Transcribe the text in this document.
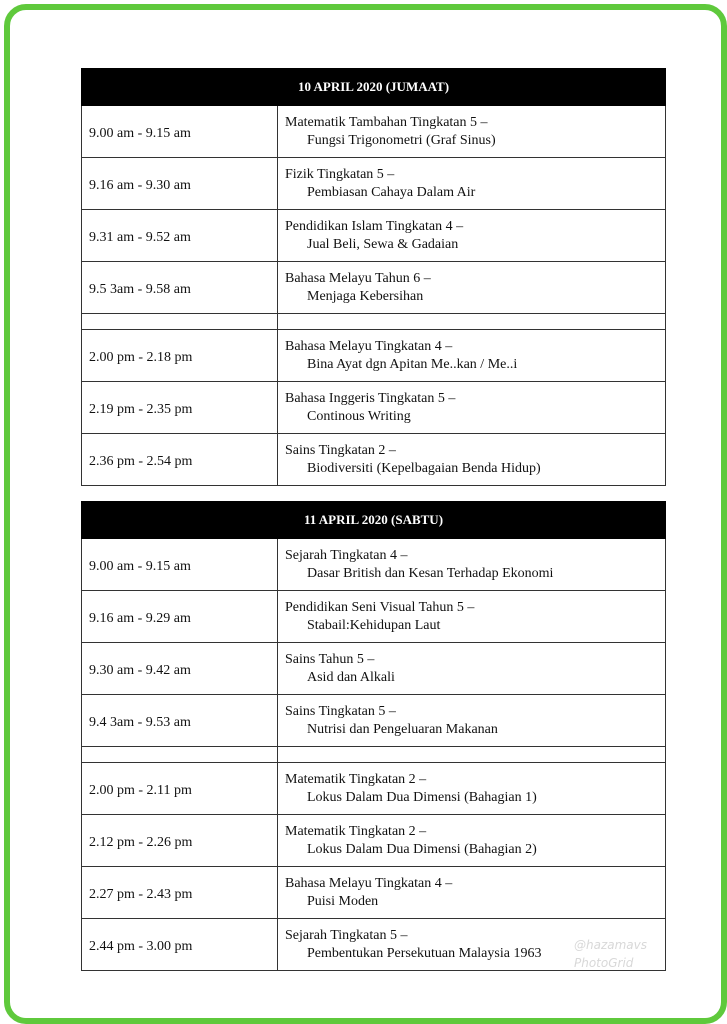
10 APRIL 2020 (JUMAAT)	
9.00 am - 9.15 am	Matematik Tambahan Tingkatan 5 –
Fungsi Trigonometri (Graf Sinus)

9.16 am - 9.30 am	Fizik Tingkatan 5 –
Pembiasan Cahaya Dalam Air

9.31 am - 9.52 am	Pendidikan Islam Tingkatan 4 –
Jual Beli, Sewa & Gadaian

9.5 3am - 9.58 am	Bahasa Melayu Tahun 6 –
Menjaga Kebersihan

2.00 pm - 2.18 pm	Bahasa Melayu Tingkatan 4 –
Bina Ayat dgn Apitan Me..kan / Me..i

2.19 pm - 2.35 pm	Bahasa Inggeris Tingkatan 5 –
Continous Writing

2.36 pm - 2.54 pm	Sains Tingkatan 2 –
Biodiversiti (Kepelbagaian Benda Hidup)
11 APRIL 2020 (SABTU)	
9.00 am - 9.15 am	Sejarah Tingkatan 4 –
Dasar British dan Kesan Terhadap Ekonomi

9.16 am - 9.29 am	Pendidikan Seni Visual Tahun 5 –
Stabail:Kehidupan Laut

9.30 am - 9.42 am	Sains Tahun 5 –
Asid dan Alkali

9.4 3am - 9.53 am	Sains Tingkatan 5 –
Nutrisi dan Pengeluaran Makanan

2.00 pm - 2.11 pm	Matematik Tingkatan 2 –
Lokus Dalam Dua Dimensi (Bahagian 1)

2.12 pm - 2.26 pm	Matematik Tingkatan 2 –
Lokus Dalam Dua Dimensi (Bahagian 2)

2.27 pm - 2.43 pm	Bahasa Melayu Tingkatan 4 –
Puisi Moden

2.44 pm - 3.00 pm	Sejarah Tingkatan 5 –
Pembentukan Persekutuan Malaysia 1963
@hazamavs
PhotoGrid
